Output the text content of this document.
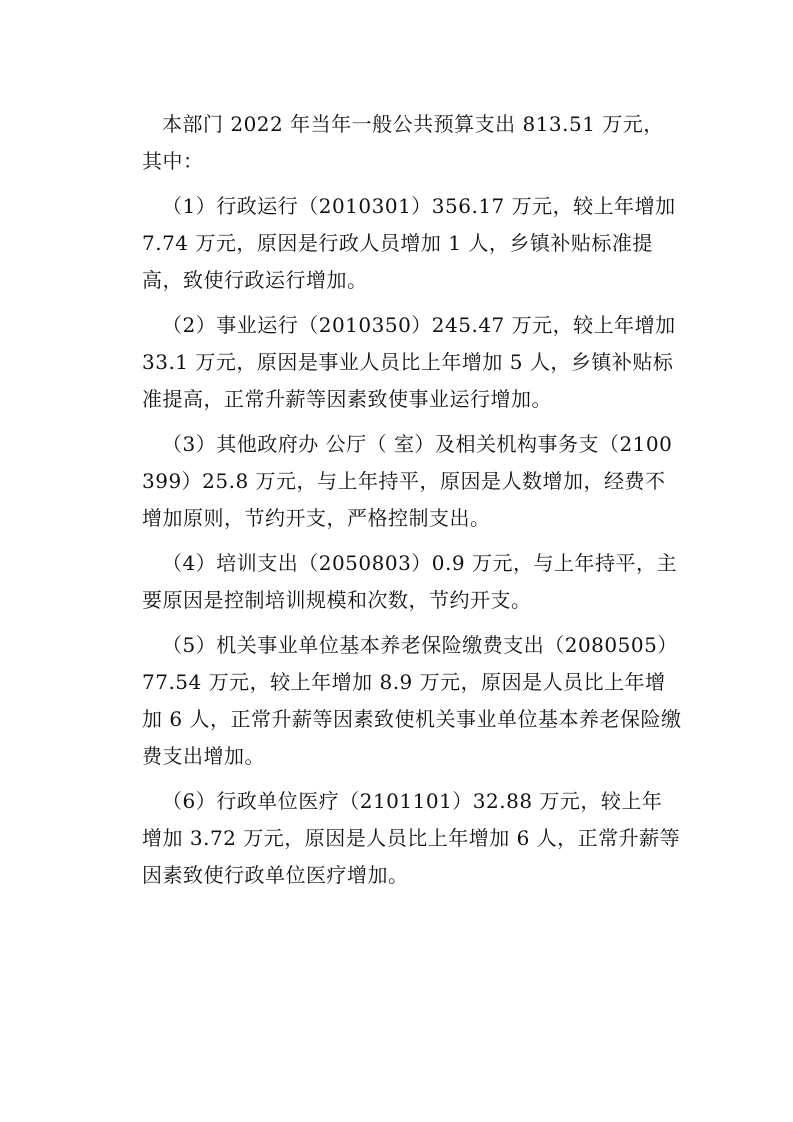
本部门 2022 年当年一般公共预算支出 813.51 万元，其中：

（1）行政运行（2010301）356.17 万元，较上年增加 7.74 万元，原因是行政人员增加 1 人，乡镇补贴标准提高，致使行政运行增加。

（2）事业运行（2010350）245.47 万元，较上年增加 33.1 万元，原因是事业人员比上年增加 5 人，乡镇补贴标准提高，正常升薪等因素致使事业运行增加。

（3）其他政府办 公厅（ 室）及相关机构事务支（2100399）25.8 万元，与上年持平，原因是人数增加，经费不增加原则，节约开支，严格控制支出。

（4）培训支出（2050803）0.9 万元，与上年持平，主要原因是控制培训规模和次数，节约开支。

（5）机关事业单位基本养老保险缴费支出（2080505）77.54 万元，较上年增加 8.9 万元，原因是人员比上年增加 6 人，正常升薪等因素致使机关事业单位基本养老保险缴费支出增加。

（6）行政单位医疗（2101101）32.88 万元，较上年增加 3.72 万元，原因是人员比上年增加 6 人，正常升薪等因素致使行政单位医疗增加。
